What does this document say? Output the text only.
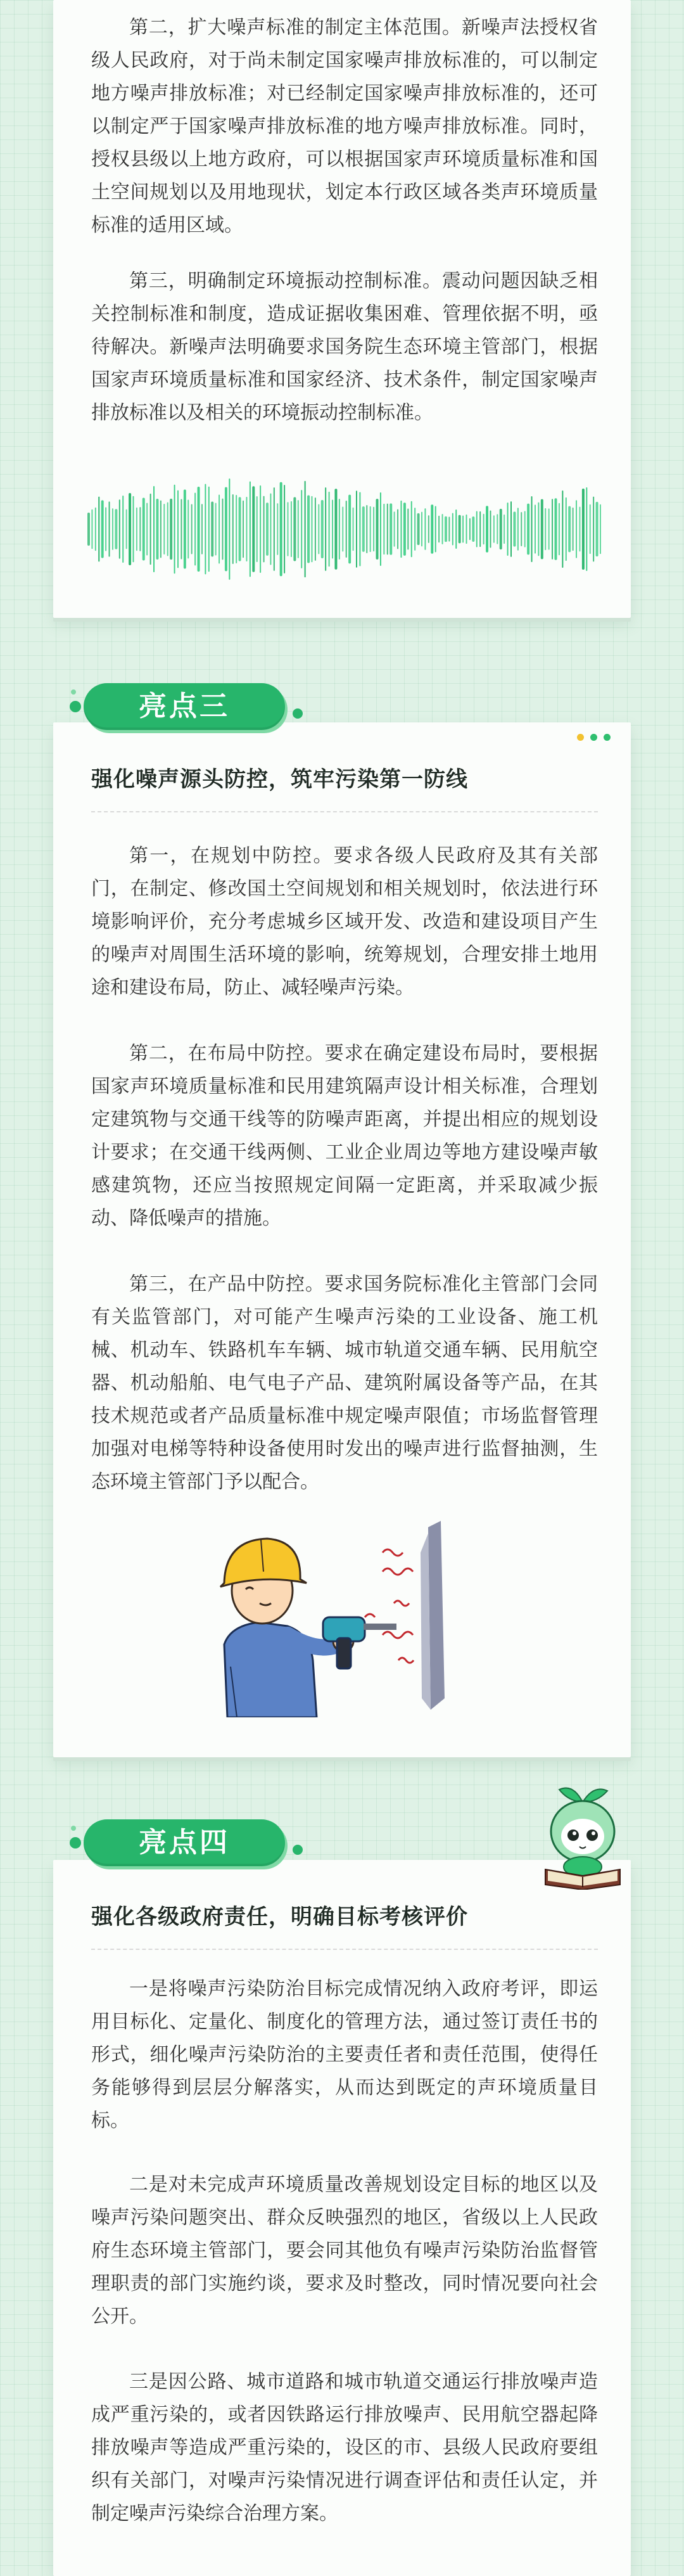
第二，扩大噪声标准的制定主体范围。新噪声法授权省级人民政府，对于尚未制定国家噪声排放标准的，可以制定地方噪声排放标准；对已经制定国家噪声排放标准的，还可以制定严于国家噪声排放标准的地方噪声排放标准。同时，授权县级以上地方政府，可以根据国家声环境质量标准和国土空间规划以及用地现状，划定本行政区域各类声环境质量标准的适用区域。

第三，明确制定环境振动控制标准。震动问题因缺乏相关控制标准和制度，造成证据收集困难、管理依据不明，亟待解决。新噪声法明确要求国务院生态环境主管部门，根据国家声环境质量标准和国家经济、技术条件，制定国家噪声排放标准以及相关的环境振动控制标准。

亮点三
强化噪声源头防控，筑牢污染第一防线

第一，在规划中防控。要求各级人民政府及其有关部门，在制定、修改国土空间规划和相关规划时，依法进行环境影响评价，充分考虑城乡区域开发、改造和建设项目产生的噪声对周围生活环境的影响，统筹规划，合理安排土地用途和建设布局，防止、减轻噪声污染。

第二，在布局中防控。要求在确定建设布局时，要根据国家声环境质量标准和民用建筑隔声设计相关标准，合理划定建筑物与交通干线等的防噪声距离，并提出相应的规划设计要求；在交通干线两侧、工业企业周边等地方建设噪声敏感建筑物，还应当按照规定间隔一定距离，并采取减少振动、降低噪声的措施。

第三，在产品中防控。要求国务院标准化主管部门会同有关监管部门，对可能产生噪声污染的工业设备、施工机械、机动车、铁路机车车辆、城市轨道交通车辆、民用航空器、机动船舶、电气电子产品、建筑附属设备等产品，在其技术规范或者产品质量标准中规定噪声限值；市场监督管理加强对电梯等特种设备使用时发出的噪声进行监督抽测，生态环境主管部门予以配合。

亮点四
强化各级政府责任，明确目标考核评价

一是将噪声污染防治目标完成情况纳入政府考评，即运用目标化、定量化、制度化的管理方法，通过签订责任书的形式，细化噪声污染防治的主要责任者和责任范围，使得任务能够得到层层分解落实，从而达到既定的声环境质量目标。

二是对未完成声环境质量改善规划设定目标的地区以及噪声污染问题突出、群众反映强烈的地区，省级以上人民政府生态环境主管部门，要会同其他负有噪声污染防治监督管理职责的部门实施约谈，要求及时整改，同时情况要向社会公开。

三是因公路、城市道路和城市轨道交通运行排放噪声造成严重污染的，或者因铁路运行排放噪声、民用航空器起降排放噪声等造成严重污染的，设区的市、县级人民政府要组织有关部门，对噪声污染情况进行调查评估和责任认定，并制定噪声污染综合治理方案。
